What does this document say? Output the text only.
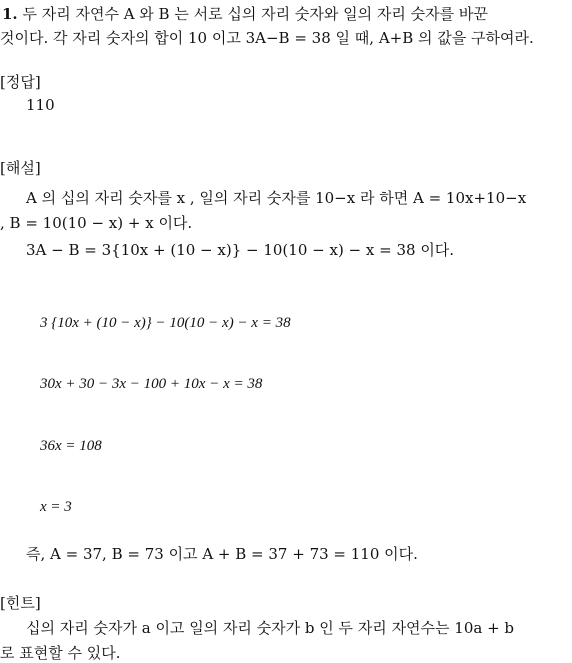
1. 두 자리 자연수 A 와 B 는 서로 십의 자리 숫자와 일의 자리 숫자를 바꾼
것이다. 각 자리 숫자의 합이 10 이고 3A−B = 38 일 때, A+B 의 값을 구하여라.
[정답]
110
[해설]
A 의 십의 자리 숫자를 x , 일의 자리 숫자를 10−x 라 하면 A = 10x+10−x
, B = 10(10 − x) + x 이다.
3A − B = 3{10x + (10 − x)} − 10(10 − x) − x = 38 이다.
3 {10x + (10 − x)} − 10(10 − x) − x = 38
30x + 30 − 3x − 100 + 10x − x = 38
36x = 108
x = 3
즉, A = 37, B = 73 이고 A + B = 37 + 73 = 110 이다.
[힌트]
십의 자리 숫자가 a 이고 일의 자리 숫자가 b 인 두 자리 자연수는 10a + b
로 표현할 수 있다.
